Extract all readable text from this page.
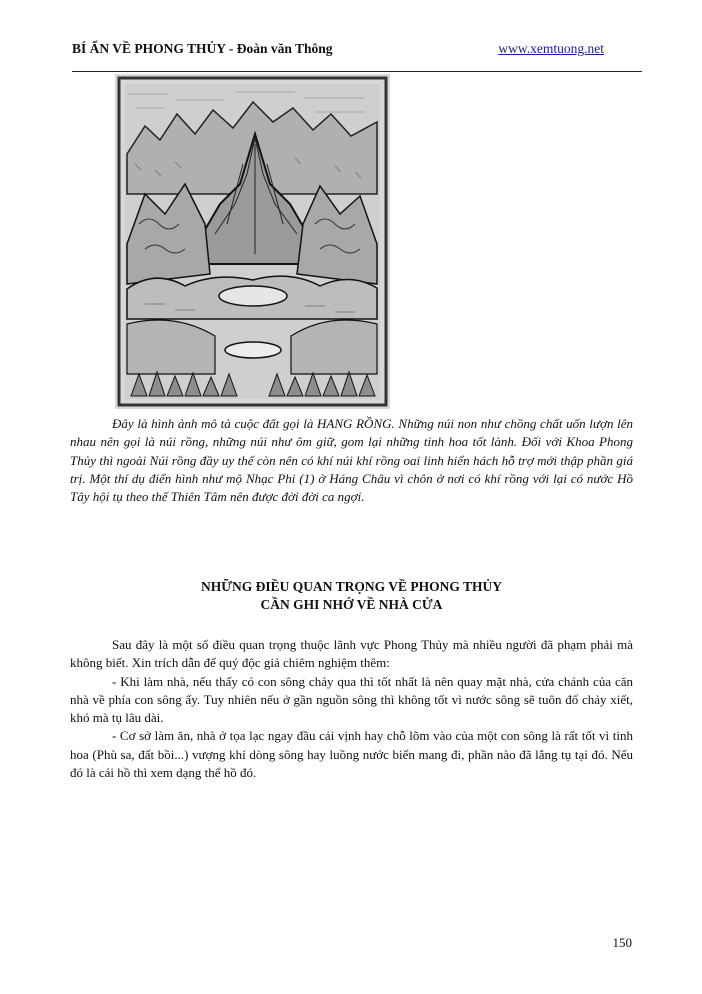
BÍ ẨN VỀ PHONG THỦY - Đoàn văn Thông	www.xemtuong.net

Đây là hình ảnh mô tả cuộc đất gọi là HANG RỒNG. Những núi non như chồng chất uốn lượn lên nhau nên gọi là núi rồng, những núi như ôm giữ, gom lại những tinh hoa tốt lành. Đối với Khoa Phong Thủy thì ngoài Núi rồng đầy uy thế còn nên có khí núi khí rồng oai linh hiển hách hỗ trợ mới thập phần giá trị. Một thí dụ điển hình như mộ Nhạc Phi (1) ở Háng Châu vì chôn ở nơi có khí rồng với lại có nước Hồ Tây hội tụ theo thế Thiên Tâm nên được đời đời ca ngợi.

NHỮNG ĐIỀU QUAN TRỌNG VỀ PHONG THỦY
CẦN GHI NHỚ VỀ NHÀ CỬA

Sau đây là một số điều quan trọng thuộc lãnh vực Phong Thủy mà nhiều người đã phạm phải mà không biết. Xin trích dẫn để quý độc giả chiêm nghiệm thêm:

- Khi làm nhà, nếu thấy có con sông chảy qua thì tốt nhất là nên quay mặt nhà, cửa chánh của căn nhà về phía con sông ấy. Tuy nhiên nếu ở gần nguồn sông thì không tốt vì nước sông sẽ tuôn đổ chảy xiết, khó mà tụ lâu dài.

- Cơ sở làm ăn, nhà ở tọa lạc ngay đầu cái vịnh hay chỗ lõm vào của một con sông là rất tốt vì tinh hoa (Phù sa, đất bồi...) vượng khí dòng sông hay luồng nước biển mang đi, phần nào đã lắng tụ tại đó. Nếu đó là cái hồ thì xem dạng thể hồ đó.

150
